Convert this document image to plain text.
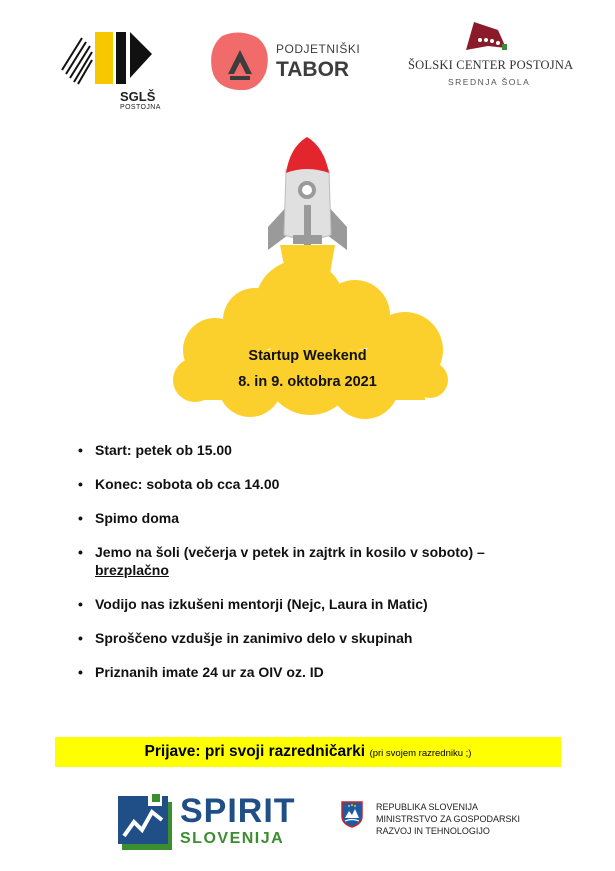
SGLŠ
POSTOJNA
PODJETNIŠKI
TABOR	ŠOLSKI CENTER POSTOJNA
SREDNJA ŠOLA
Startup Weekend
8. in 9. oktobra 2021
• Start: petek ob 15.00
• Konec: sobota ob cca 14.00
• Spimo doma
• Jemo na šoli (večerja v petek in zajtrk in kosilo v soboto) –
brezplačno
• Vodijo nas izkušeni mentorji (Nejc, Laura in Matic)
• Sproščeno vzdušje in zanimivo delo v skupinah
• Priznanih imate 24 ur za OIV oz. ID
Prijave: pri svoji razredničarki (pri svojem razredniku ;)
SPIRIT
SLOVENIJA
REPUBLIKA SLOVENIJA
MINISTRSTVO ZA GOSPODARSKI
RAZVOJ IN TEHNOLOGIJO
